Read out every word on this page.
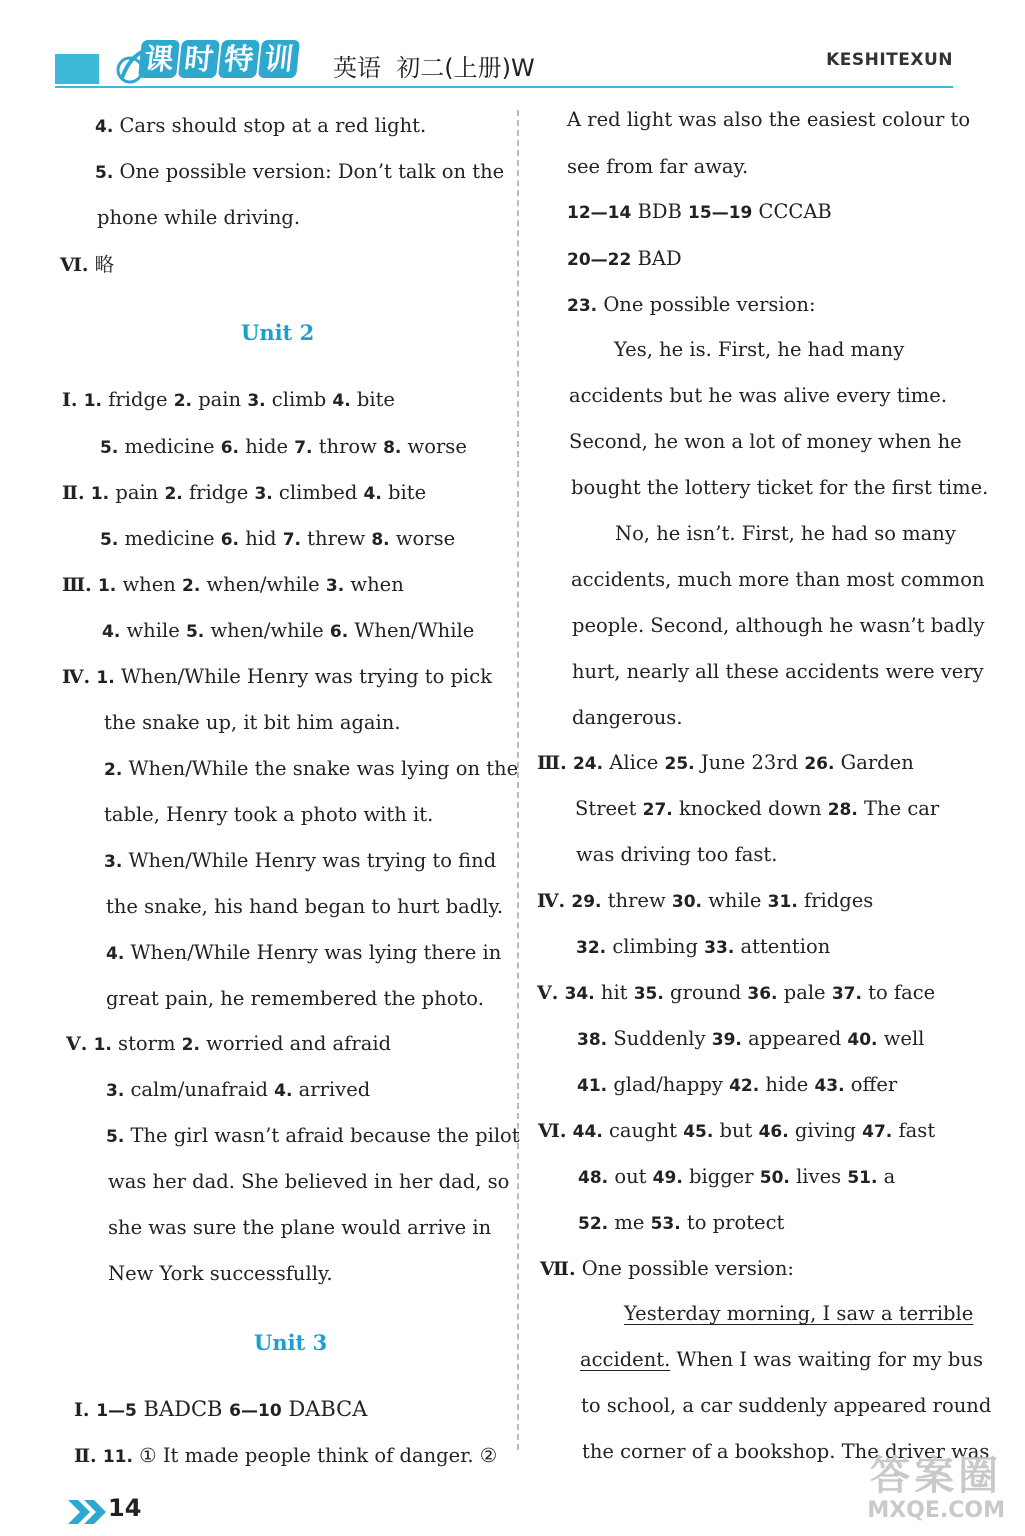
课 时 特 训 英语  初二(上册)W	KESHITEXUN
4. Cars should stop at a red light.
5. One possible version: Don’t talk on the
phone while driving.
Ⅵ. 略
Unit 2
Ⅰ. 1. fridge 2. pain 3. climb 4. bite
5. medicine 6. hide 7. throw 8. worse
Ⅱ. 1. pain 2. fridge 3. climbed 4. bite
5. medicine 6. hid 7. threw 8. worse
Ⅲ. 1. when 2. when/while 3. when
4. while 5. when/while 6. When/While
Ⅳ. 1. When/While Henry was trying to pick
the snake up, it bit him again.
2. When/While the snake was lying on the
table, Henry took a photo with it.
3. When/While Henry was trying to find
the snake, his hand began to hurt badly.
4. When/While Henry was lying there in
great pain, he remembered the photo.
Ⅴ. 1. storm 2. worried and afraid
3. calm/unafraid 4. arrived
5. The girl wasn’t afraid because the pilot
was her dad. She believed in her dad, so
she was sure the plane would arrive in
New York successfully.
Unit 3
Ⅰ. 1—5 BADCB 6—10 DABCA
Ⅱ. 11. ① It made people think of danger. ②
A red light was also the easiest colour to
see from far away.
12—14 BDB 15—19 CCCAB
20—22 BAD
23. One possible version:
Yes, he is. First, he had many
accidents but he was alive every time.
Second, he won a lot of money when he
bought the lottery ticket for the first time.
No, he isn’t. First, he had so many
accidents, much more than most common
people. Second, although he wasn’t badly
hurt, nearly all these accidents were very
dangerous.
Ⅲ. 24. Alice 25. June 23rd 26. Garden
Street 27. knocked down 28. The car
was driving too fast.
Ⅳ. 29. threw 30. while 31. fridges
32. climbing 33. attention
Ⅴ. 34. hit 35. ground 36. pale 37. to face
38. Suddenly 39. appeared 40. well
41. glad/happy 42. hide 43. offer
Ⅵ. 44. caught 45. but 46. giving 47. fast
48. out 49. bigger 50. lives 51. a
52. me 53. to protect
Ⅶ. One possible version:
Yesterday morning, I saw a terrible
accident. When I was waiting for my bus
to school, a car suddenly appeared round
the corner of a bookshop. The driver was
14
答案圈
MXQE.COM
